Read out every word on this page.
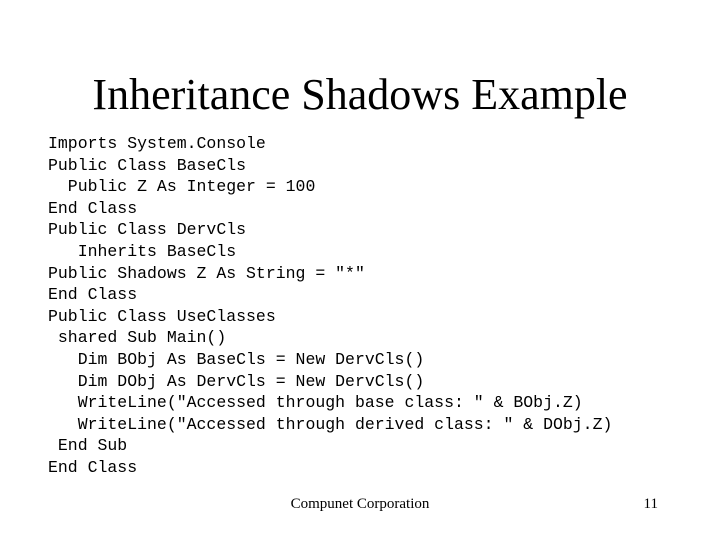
Inheritance Shadows Example
Imports System.Console
Public Class BaseCls
Public Z As Integer = 100
End Class
Public Class DervCls
Inherits BaseCls
Public Shadows Z As String = "*"
End Class
Public Class UseClasses
shared Sub Main()
Dim BObj As BaseCls = New DervCls()
Dim DObj As DervCls = New DervCls()
WriteLine("Accessed through base class: " & BObj.Z)
WriteLine("Accessed through derived class: " & DObj.Z)
End Sub
End Class
Compunet Corporation	11
